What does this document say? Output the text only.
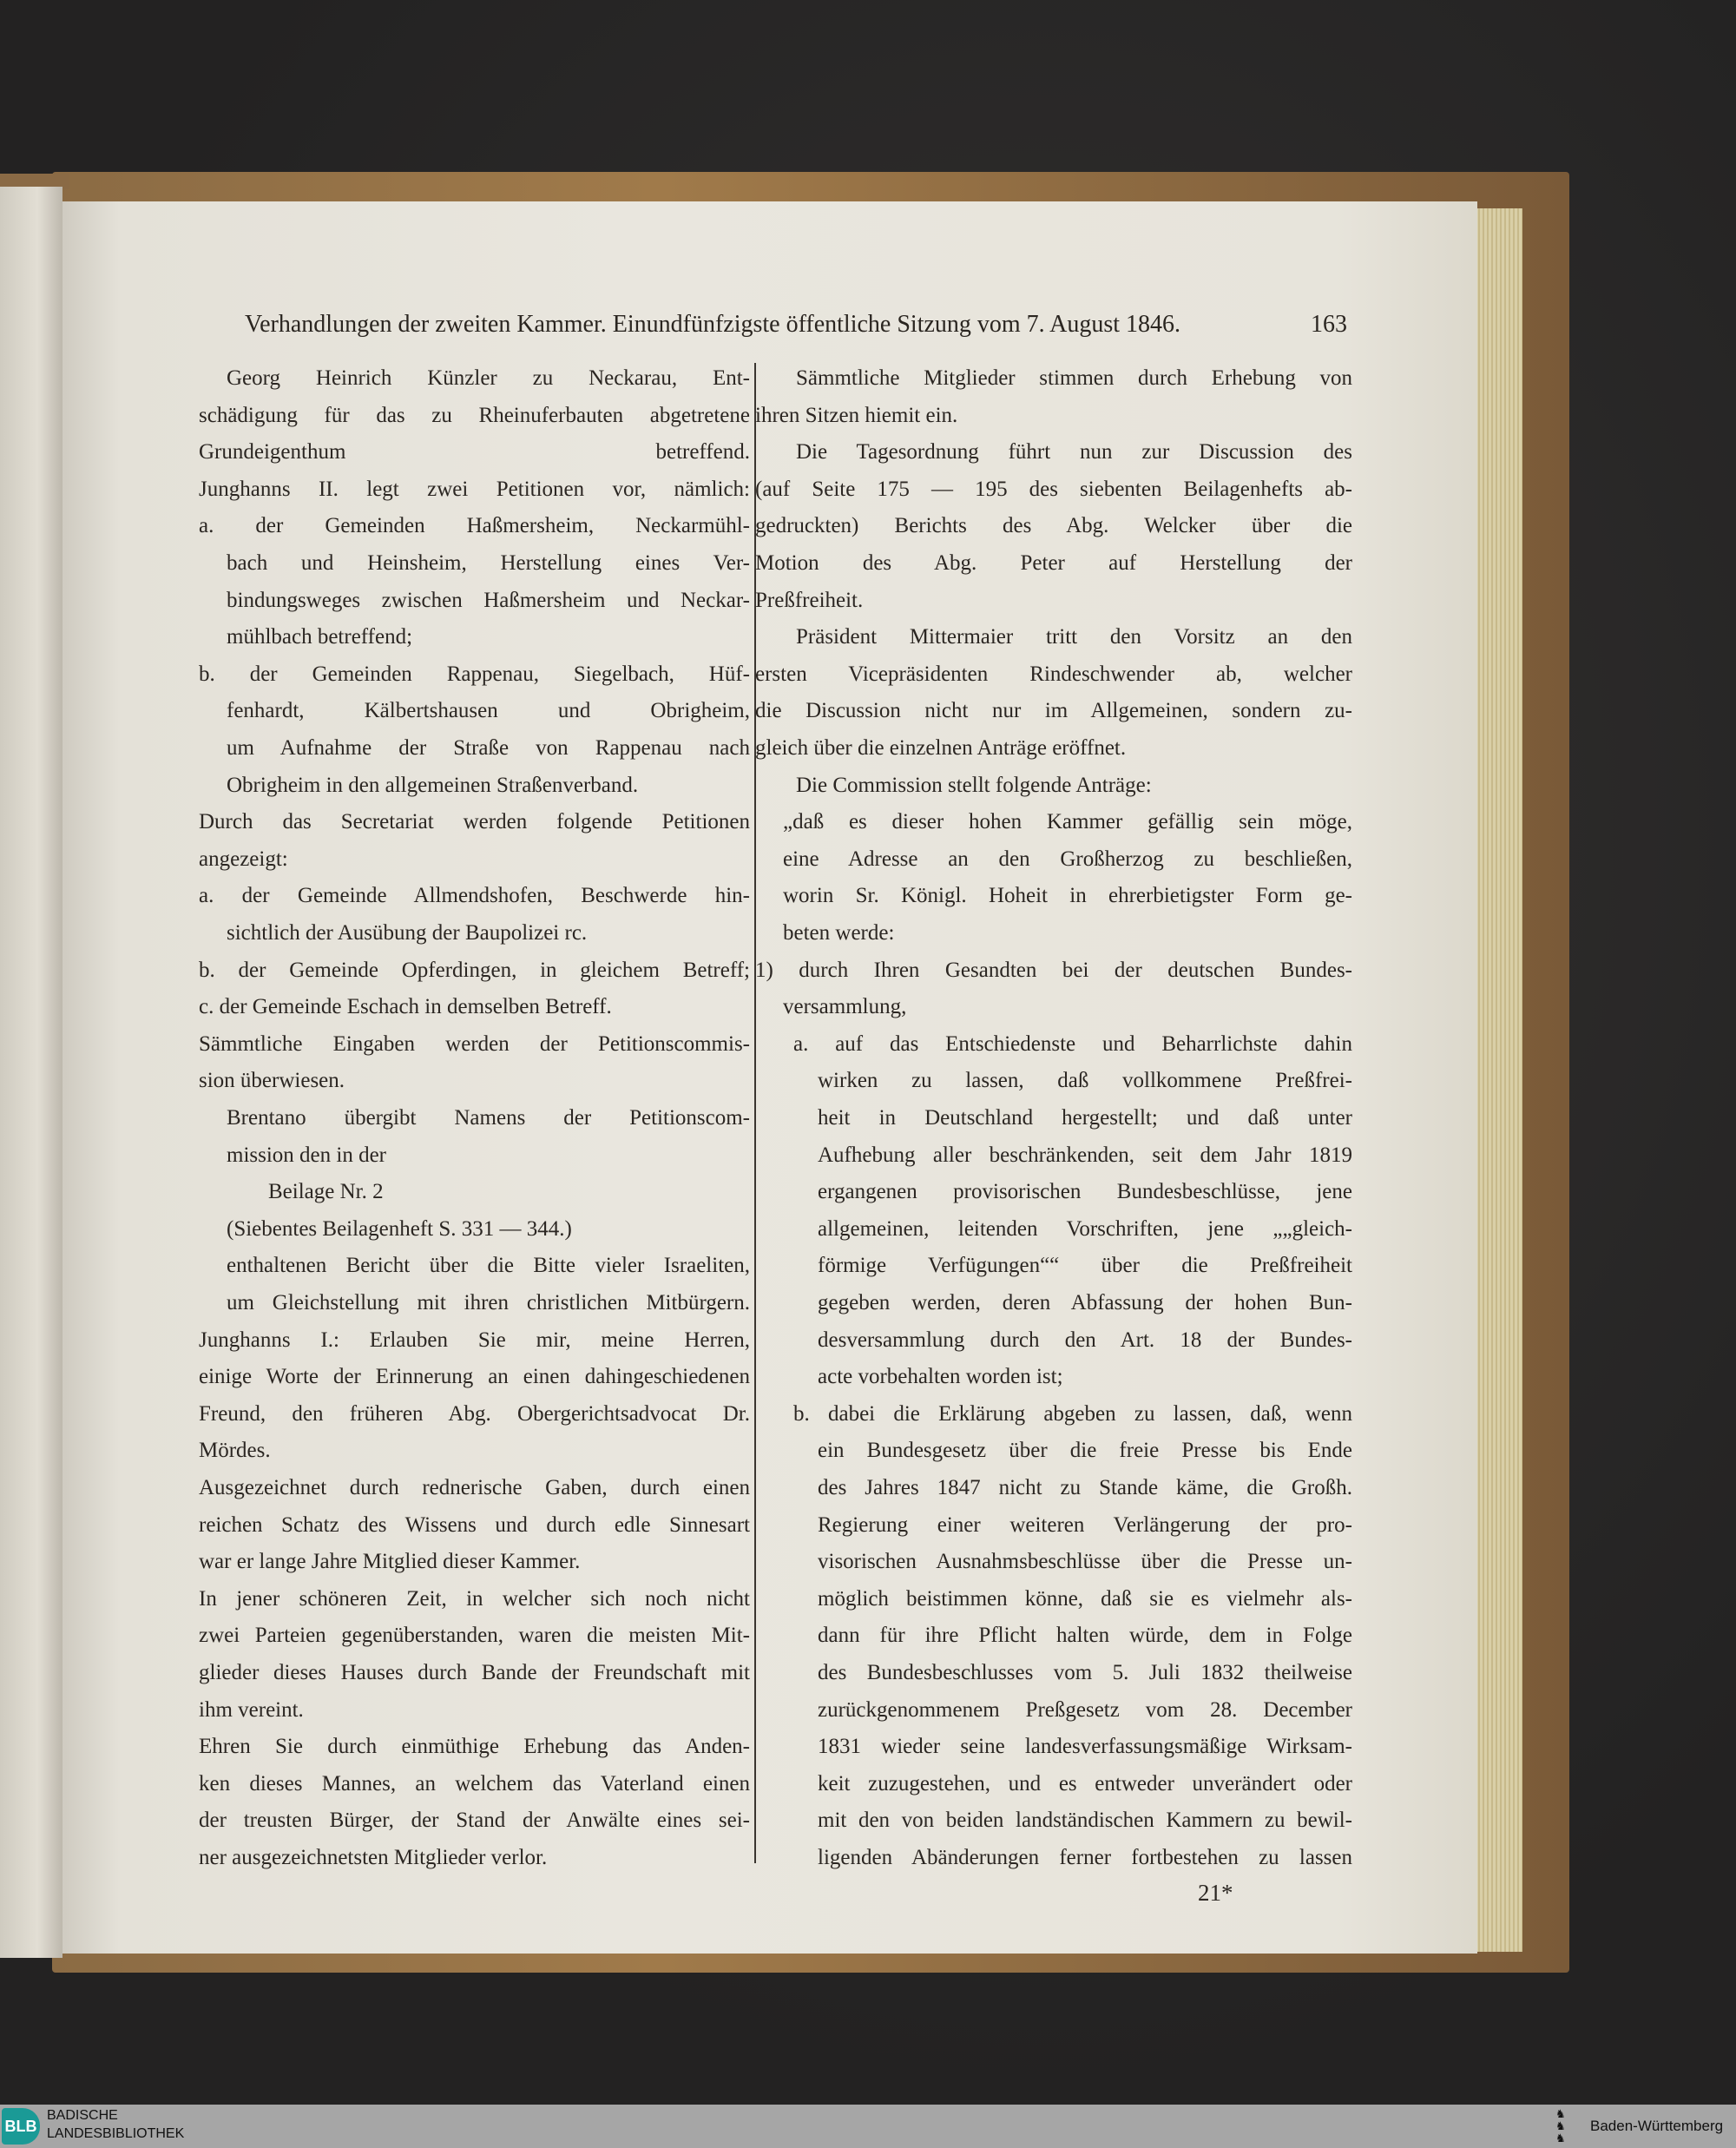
Verhandlungen der zweiten Kammer. Einundfünfzigste öffentliche Sitzung vom 7. August 1846.	163
Georg Heinrich Künzler zu Neckarau, Ent-
schädigung für das zu Rheinuferbauten abgetretene
Grundeigenthum betreffend.
Junghanns II. legt zwei Petitionen vor, nämlich:
a. der Gemeinden Haßmersheim, Neckarmühl-
bach und Heinsheim, Herstellung eines Ver-
bindungsweges zwischen Haßmersheim und Neckar-
mühlbach betreffend;
b. der Gemeinden Rappenau, Siegelbach, Hüf-
fenhardt, Kälbertshausen und Obrigheim,
um Aufnahme der Straße von Rappenau nach
Obrigheim in den allgemeinen Straßenverband.
Durch das Secretariat werden folgende Petitionen
angezeigt:
a. der Gemeinde Allmendshofen, Beschwerde hin-
sichtlich der Ausübung der Baupolizei rc.
b. der Gemeinde Opferdingen, in gleichem Betreff;
c. der Gemeinde Eschach in demselben Betreff.
Sämmtliche Eingaben werden der Petitionscommis-
sion überwiesen.
Brentano übergibt Namens der Petitionscom-
mission den in der
Beilage Nr. 2
(Siebentes Beilagenheft S. 331 — 344.)
enthaltenen Bericht über die Bitte vieler Israeliten,
um Gleichstellung mit ihren christlichen Mitbürgern.
Junghanns I.: Erlauben Sie mir, meine Herren,
einige Worte der Erinnerung an einen dahingeschiedenen
Freund, den früheren Abg. Obergerichtsadvocat Dr.
Mördes.
Ausgezeichnet durch rednerische Gaben, durch einen
reichen Schatz des Wissens und durch edle Sinnesart
war er lange Jahre Mitglied dieser Kammer.
In jener schöneren Zeit, in welcher sich noch nicht
zwei Parteien gegenüberstanden, waren die meisten Mit-
glieder dieses Hauses durch Bande der Freundschaft mit
ihm vereint.
Ehren Sie durch einmüthige Erhebung das Anden-
ken dieses Mannes, an welchem das Vaterland einen
der treusten Bürger, der Stand der Anwälte eines sei-
ner ausgezeichnetsten Mitglieder verlor.
Sämmtliche Mitglieder stimmen durch Erhebung von
ihren Sitzen hiemit ein.
Die Tagesordnung führt nun zur Discussion des
(auf Seite 175 — 195 des siebenten Beilagenhefts ab-
gedruckten) Berichts des Abg. Welcker über die
Motion des Abg. Peter auf Herstellung der
Preßfreiheit.
Präsident Mittermaier tritt den Vorsitz an den
ersten Vicepräsidenten Rindeschwender ab, welcher
die Discussion nicht nur im Allgemeinen, sondern zu-
gleich über die einzelnen Anträge eröffnet.
Die Commission stellt folgende Anträge:
„daß es dieser hohen Kammer gefällig sein möge,
eine Adresse an den Großherzog zu beschließen,
worin Sr. Königl. Hoheit in ehrerbietigster Form ge-
beten werde:
1) durch Ihren Gesandten bei der deutschen Bundes-
versammlung,
a. auf das Entschiedenste und Beharrlichste dahin
wirken zu lassen, daß vollkommene Preßfrei-
heit in Deutschland hergestellt; und daß unter
Aufhebung aller beschränkenden, seit dem Jahr 1819
ergangenen provisorischen Bundesbeschlüsse, jene
allgemeinen, leitenden Vorschriften, jene „„gleich-
förmige Verfügungen““ über die Preßfreiheit
gegeben werden, deren Abfassung der hohen Bun-
desversammlung durch den Art. 18 der Bundes-
acte vorbehalten worden ist;
b. dabei die Erklärung abgeben zu lassen, daß, wenn
ein Bundesgesetz über die freie Presse bis Ende
des Jahres 1847 nicht zu Stande käme, die Großh.
Regierung einer weiteren Verlängerung der pro-
visorischen Ausnahmsbeschlüsse über die Presse un-
möglich beistimmen könne, daß sie es vielmehr als-
dann für ihre Pflicht halten würde, dem in Folge
des Bundesbeschlusses vom 5. Juli 1832 theilweise
zurückgenommenem Preßgesetz vom 28. December
1831 wieder seine landesverfassungsmäßige Wirksam-
keit zuzugestehen, und es entweder unverändert oder
mit den von beiden landständischen Kammern zu bewil-
ligenden Abänderungen ferner fortbestehen zu lassen
21*
BLB
BADISCHE
LANDESBIBLIOTHEK
♞
♞
♞
Baden-Württemberg
